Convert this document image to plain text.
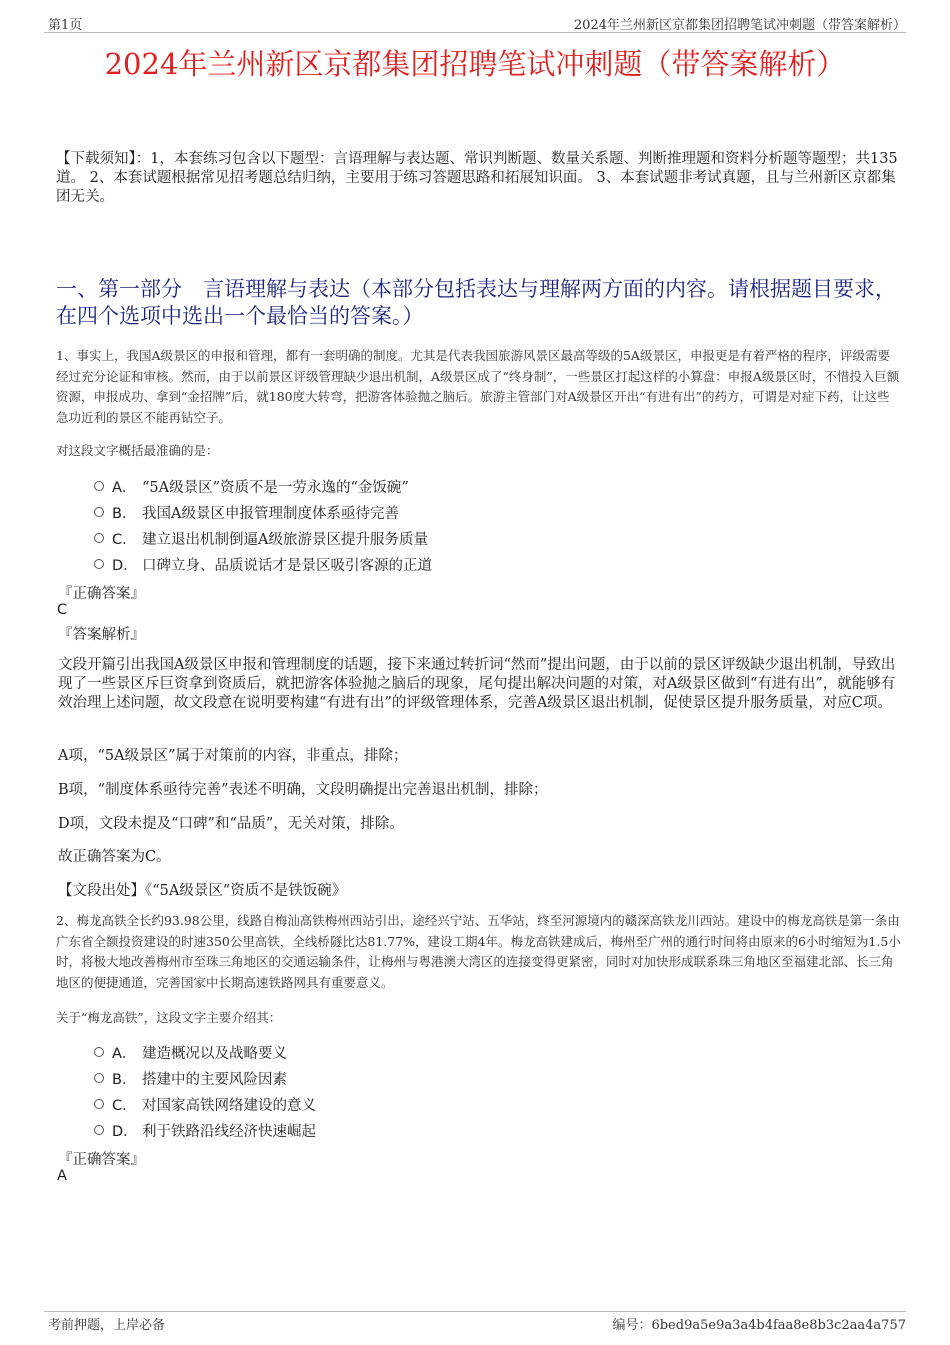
第1页	2024年兰州新区京都集团招聘笔试冲刺题（带答案解析）
2024年兰州新区京都集团招聘笔试冲刺题（带答案解析）
【下载须知】：1，本套练习包含以下题型：言语理解与表达题、常识判断题、数量关系题、判断推理题和资料分析题等题型；共135道。 2、本套试题根据常见招考题总结归纳，主要用于练习答题思路和拓展知识面。 3、本套试题非考试真题，且与兰州新区京都集团无关。
一、第一部分　言语理解与表达（本部分包括表达与理解两方面的内容。请根据题目要求，在四个选项中选出一个最恰当的答案。）
1、事实上，我国A级景区的申报和管理，都有一套明确的制度。尤其是代表我国旅游风景区最高等级的5A级景区，申报更是有着严格的程序，评级需要经过充分论证和审核。然而，由于以前景区评级管理缺少退出机制，A级景区成了“终身制”，一些景区打起这样的小算盘：申报A级景区时，不惜投入巨额资源，申报成功、拿到“金招牌”后，就180度大转弯，把游客体验抛之脑后。旅游主管部门对A级景区开出“有进有出”的药方，可谓是对症下药，让这些急功近利的景区不能再钻空子。
对这段文字概括最准确的是：
A． “5A级景区”资质不是一劳永逸的“金饭碗”
B． 我国A级景区申报管理制度体系亟待完善
C． 建立退出机制倒逼A级旅游景区提升服务质量
D． 口碑立身、品质说话才是景区吸引客源的正道
『正确答案』
C
『答案解析』
文段开篇引出我国A级景区申报和管理制度的话题，接下来通过转折词“然而”提出问题，由于以前的景区评级缺少退出机制，导致出现了一些景区斥巨资拿到资质后，就把游客体验抛之脑后的现象，尾句提出解决问题的对策，对A级景区做到“有进有出”，就能够有效治理上述问题，故文段意在说明要构建“有进有出”的评级管理体系，完善A级景区退出机制，促使景区提升服务质量，对应C项。
A项，“5A级景区”属于对策前的内容，非重点，排除；
B项，“制度体系亟待完善”表述不明确，文段明确提出完善退出机制，排除；
D项，文段未提及“口碑”和“品质”，无关对策，排除。
故正确答案为C。
【文段出处】《“5A级景区”资质不是铁饭碗》
2、梅龙高铁全长约93.98公里，线路自梅汕高铁梅州西站引出，途经兴宁站、五华站，终至河源境内的赣深高铁龙川西站。建设中的梅龙高铁是第一条由广东省全额投资建设的时速350公里高铁，全线桥隧比达81.77%，建设工期4年。梅龙高铁建成后，梅州至广州的通行时间将由原来的6小时缩短为1.5小时，将极大地改善梅州市至珠三角地区的交通运输条件，让梅州与粤港澳大湾区的连接变得更紧密，同时对加快形成联系珠三角地区至福建北部、长三角地区的便捷通道，完善国家中长期高速铁路网具有重要意义。
关于“梅龙高铁”，这段文字主要介绍其：
A． 建造概况以及战略要义
B． 搭建中的主要风险因素
C． 对国家高铁网络建设的意义
D． 利于铁路沿线经济快速崛起
『正确答案』
A
考前押题，上岸必备	编号：6bed9a5e9a3a4b4faa8e8b3c2aa4a757
